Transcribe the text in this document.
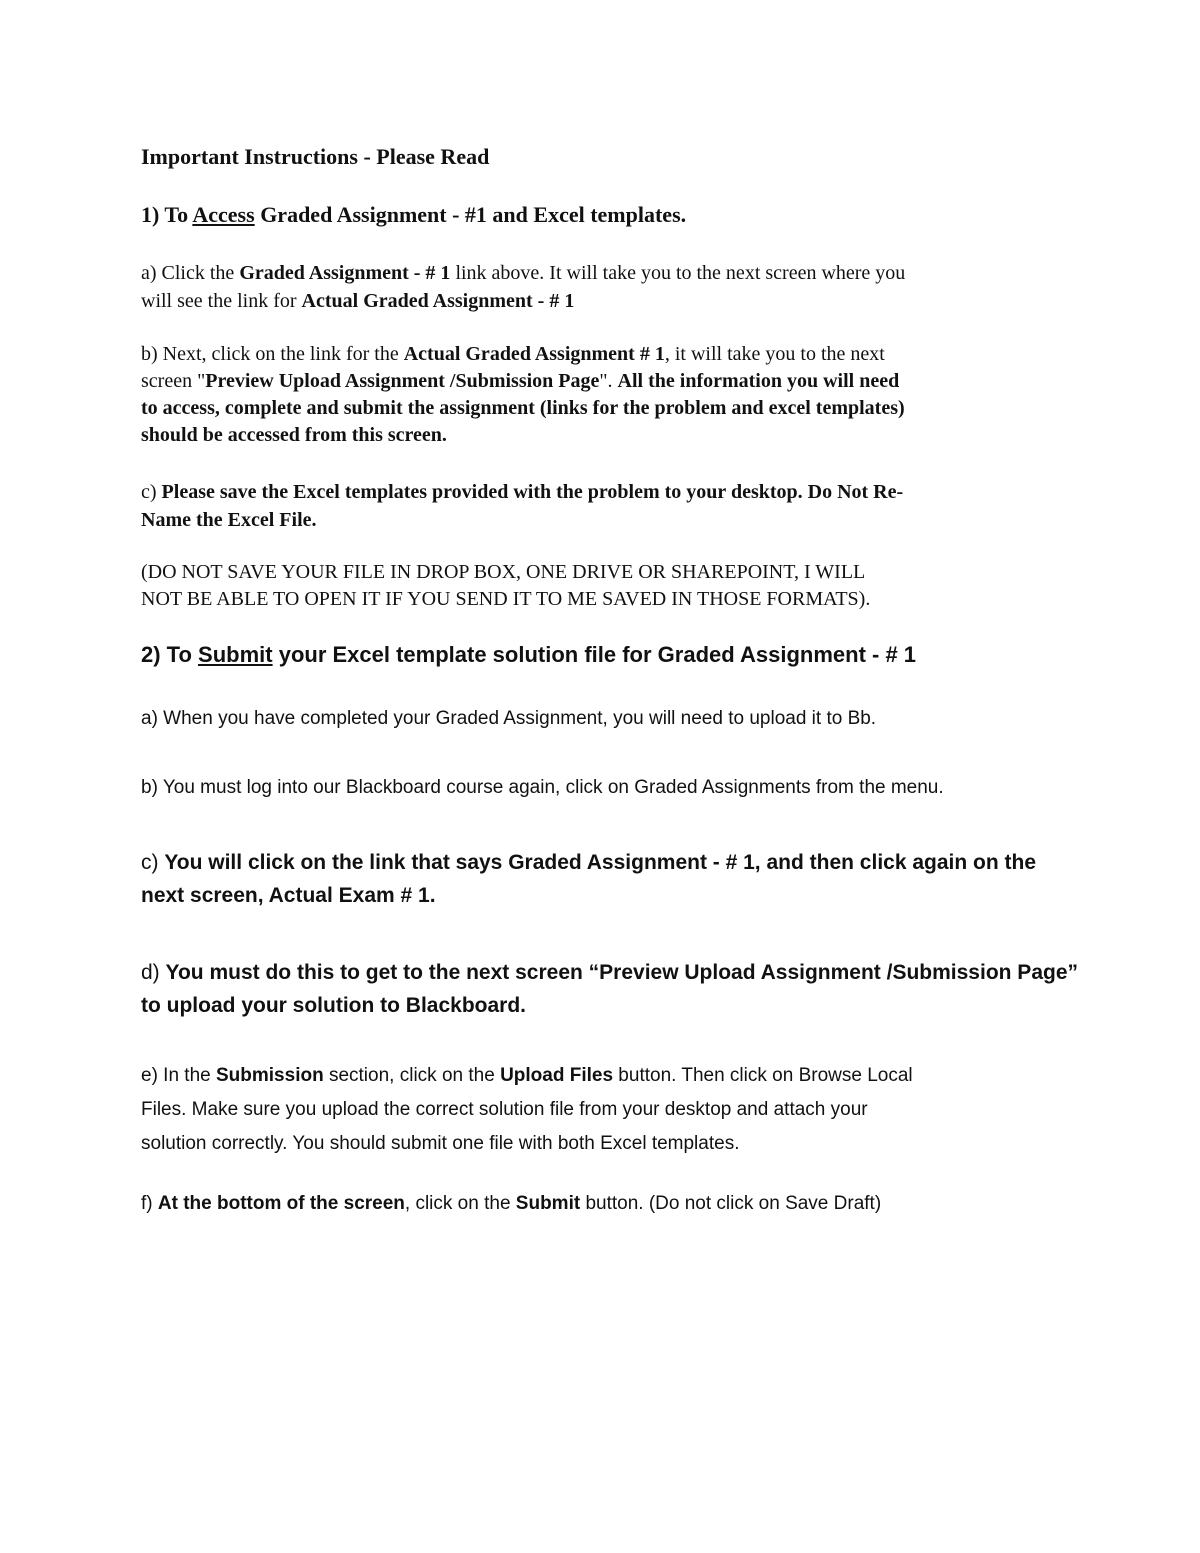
Important Instructions - Please Read
1) To Access Graded Assignment - #1 and Excel templates.
a) Click the Graded Assignment - # 1 link above. It will take you to the next screen where you
will see the link for Actual Graded Assignment - # 1
b) Next, click on the link for the Actual Graded Assignment # 1, it will take you to the next
screen "Preview Upload Assignment /Submission Page". All the information you will need
to access, complete and submit the assignment (links for the problem and excel templates)
should be accessed from this screen.
c) Please save the Excel templates provided with the problem to your desktop. Do Not Re-
Name the Excel File.
(DO NOT SAVE YOUR FILE IN DROP BOX, ONE DRIVE OR SHAREPOINT, I WILL
NOT BE ABLE TO OPEN IT IF YOU SEND IT TO ME SAVED IN THOSE FORMATS).
2) To Submit your Excel template solution file for Graded Assignment - # 1
a) When you have completed your Graded Assignment, you will need to upload it to Bb.
b) You must log into our Blackboard course again, click on Graded Assignments from the menu.
c) You will click on the link that says Graded Assignment - # 1, and then click again on the
next screen, Actual Exam # 1.
d) You must do this to get to the next screen “Preview Upload Assignment /Submission Page”
to upload your solution to Blackboard.
e) In the Submission section, click on the Upload Files button. Then click on Browse Local
Files. Make sure you upload the correct solution file from your desktop and attach your
solution correctly. You should submit one file with both Excel templates.
f) At the bottom of the screen, click on the Submit button. (Do not click on Save Draft)
